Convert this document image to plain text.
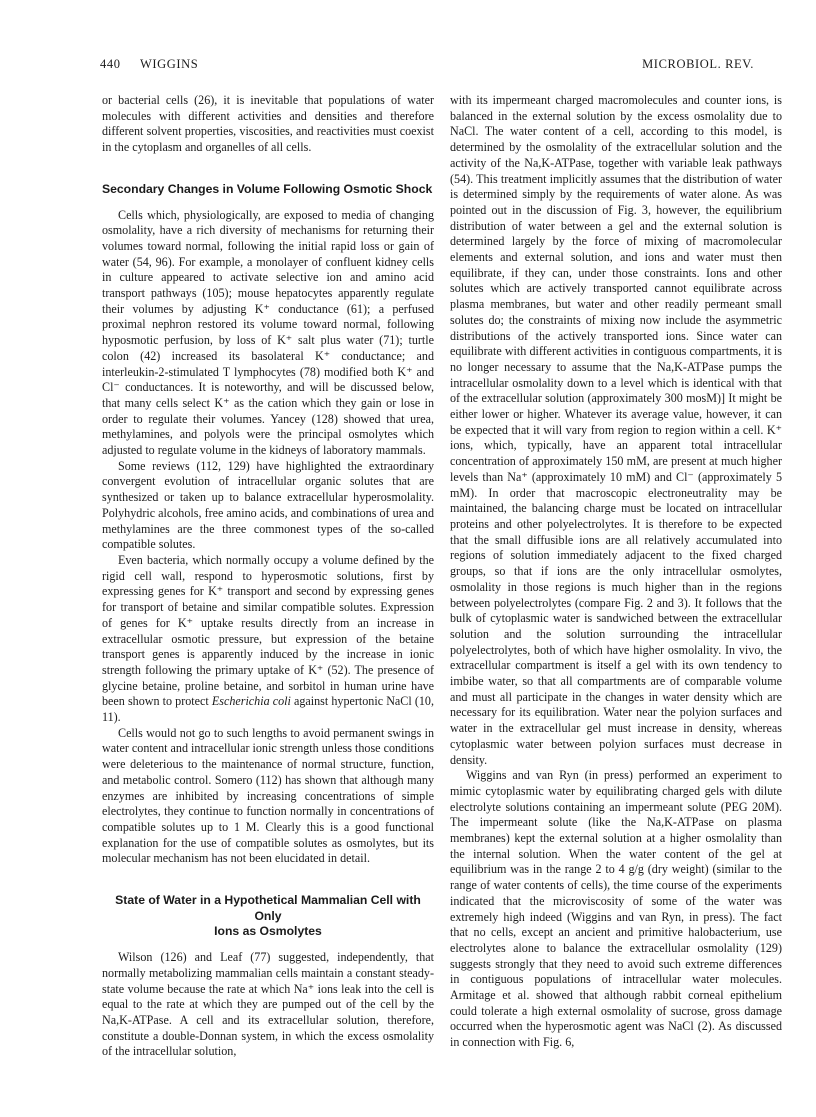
440 WIGGINS	MICROBIOL. REV.

or bacterial cells (26), it is inevitable that populations of water molecules with different activities and densities and therefore different solvent properties, viscosities, and reactivities must coexist in the cytoplasm and organelles of all cells.

Secondary Changes in Volume Following Osmotic Shock

Cells which, physiologically, are exposed to media of changing osmolality, have a rich diversity of mechanisms for returning their volumes toward normal, following the initial rapid loss or gain of water (54, 96). For example, a monolayer of confluent kidney cells in culture appeared to activate selective ion and amino acid transport pathways (105); mouse hepatocytes apparently regulate their volumes by adjusting K⁺ conductance (61); a perfused proximal nephron restored its volume toward normal, following hyposmotic perfusion, by loss of K⁺ salt plus water (71); turtle colon (42) increased its basolateral K⁺ conductance; and interleukin-2-stimulated T lymphocytes (78) modified both K⁺ and Cl⁻ conductances. It is noteworthy, and will be discussed below, that many cells select K⁺ as the cation which they gain or lose in order to regulate their volumes. Yancey (128) showed that urea, methylamines, and polyols were the principal osmolytes which adjusted to regulate volume in the kidneys of laboratory mammals.

Some reviews (112, 129) have highlighted the extraordinary convergent evolution of intracellular organic solutes that are synthesized or taken up to balance extracellular hyperosmolality. Polyhydric alcohols, free amino acids, and combinations of urea and methylamines are the three commonest types of the so-called compatible solutes.

Even bacteria, which normally occupy a volume defined by the rigid cell wall, respond to hyperosmotic solutions, first by expressing genes for K⁺ transport and second by expressing genes for transport of betaine and similar compatible solutes. Expression of genes for K⁺ uptake results directly from an increase in extracellular osmotic pressure, but expression of the betaine transport genes is apparently induced by the increase in ionic strength following the primary uptake of K⁺ (52). The presence of glycine betaine, proline betaine, and sorbitol in human urine have been shown to protect Escherichia coli against hypertonic NaCl (10, 11).

Cells would not go to such lengths to avoid permanent swings in water content and intracellular ionic strength unless those conditions were deleterious to the maintenance of normal structure, function, and metabolic control. Somero (112) has shown that although many enzymes are inhibited by increasing concentrations of simple electrolytes, they continue to function normally in concentrations of compatible solutes up to 1 M. Clearly this is a good functional explanation for the use of compatible solutes as osmolytes, but its molecular mechanism has not been elucidated in detail.

State of Water in a Hypothetical Mammalian Cell with Only
Ions as Osmolytes

Wilson (126) and Leaf (77) suggested, independently, that normally metabolizing mammalian cells maintain a constant steady-state volume because the rate at which Na⁺ ions leak into the cell is equal to the rate at which they are pumped out of the cell by the Na,K-ATPase. A cell and its extracellular solution, therefore, constitute a double-Donnan system, in which the excess osmolality of the intracellular solution,

with its impermeant charged macromolecules and counter ions, is balanced in the external solution by the excess osmolality due to NaCl. The water content of a cell, according to this model, is determined by the osmolality of the extracellular solution and the activity of the Na,K-ATPase, together with variable leak pathways (54). This treatment implicitly assumes that the distribution of water is determined simply by the requirements of water alone. As was pointed out in the discussion of Fig. 3, however, the equilibrium distribution of water between a gel and the external solution is determined largely by the force of mixing of macromolecular elements and external solution, and ions and water must then equilibrate, if they can, under those constraints. Ions and other solutes which are actively transported cannot equilibrate across plasma membranes, but water and other readily permeant small solutes do; the constraints of mixing now include the asymmetric distributions of the actively transported ions. Since water can equilibrate with different activities in contiguous compartments, it is no longer necessary to assume that the Na,K-ATPase pumps the intracellular osmolality down to a level which is identical with that of the extracellular solution (approximately 300 mosM)] It might be either lower or higher. Whatever its average value, however, it can be expected that it will vary from region to region within a cell. K⁺ ions, which, typically, have an apparent total intracellular concentration of approximately 150 mM, are present at much higher levels than Na⁺ (approximately 10 mM) and Cl⁻ (approximately 5 mM). In order that macroscopic electroneutrality may be maintained, the balancing charge must be located on intracellular proteins and other polyelectrolytes. It is therefore to be expected that the small diffusible ions are all relatively accumulated into regions of solution immediately adjacent to the fixed charged groups, so that if ions are the only intracellular osmolytes, osmolality in those regions is much higher than in the regions between polyelectrolytes (compare Fig. 2 and 3). It follows that the bulk of cytoplasmic water is sandwiched between the extracellular solution and the solution surrounding the intracellular polyelectrolytes, both of which have higher osmolality. In vivo, the extracellular compartment is itself a gel with its own tendency to imbibe water, so that all compartments are of comparable volume and must all participate in the changes in water density which are necessary for its equilibration. Water near the polyion surfaces and water in the extracellular gel must increase in density, whereas cytoplasmic water between polyion surfaces must decrease in density.

Wiggins and van Ryn (in press) performed an experiment to mimic cytoplasmic water by equilibrating charged gels with dilute electrolyte solutions containing an impermeant solute (PEG 20M). The impermeant solute (like the Na,K-ATPase on plasma membranes) kept the external solution at a higher osmolality than the internal solution. When the water content of the gel at equilibrium was in the range 2 to 4 g/g (dry weight) (similar to the range of water contents of cells), the time course of the experiments indicated that the microviscosity of some of the water was extremely high indeed (Wiggins and van Ryn, in press). The fact that no cells, except an ancient and primitive halobacterium, use electrolytes alone to balance the extracellular osmolality (129) suggests strongly that they need to avoid such extreme differences in contiguous populations of intracellular water molecules. Armitage et al. showed that although rabbit corneal epithelium could tolerate a high external osmolality of sucrose, gross damage occurred when the hyperosmotic agent was NaCl (2). As discussed in connection with Fig. 6,
